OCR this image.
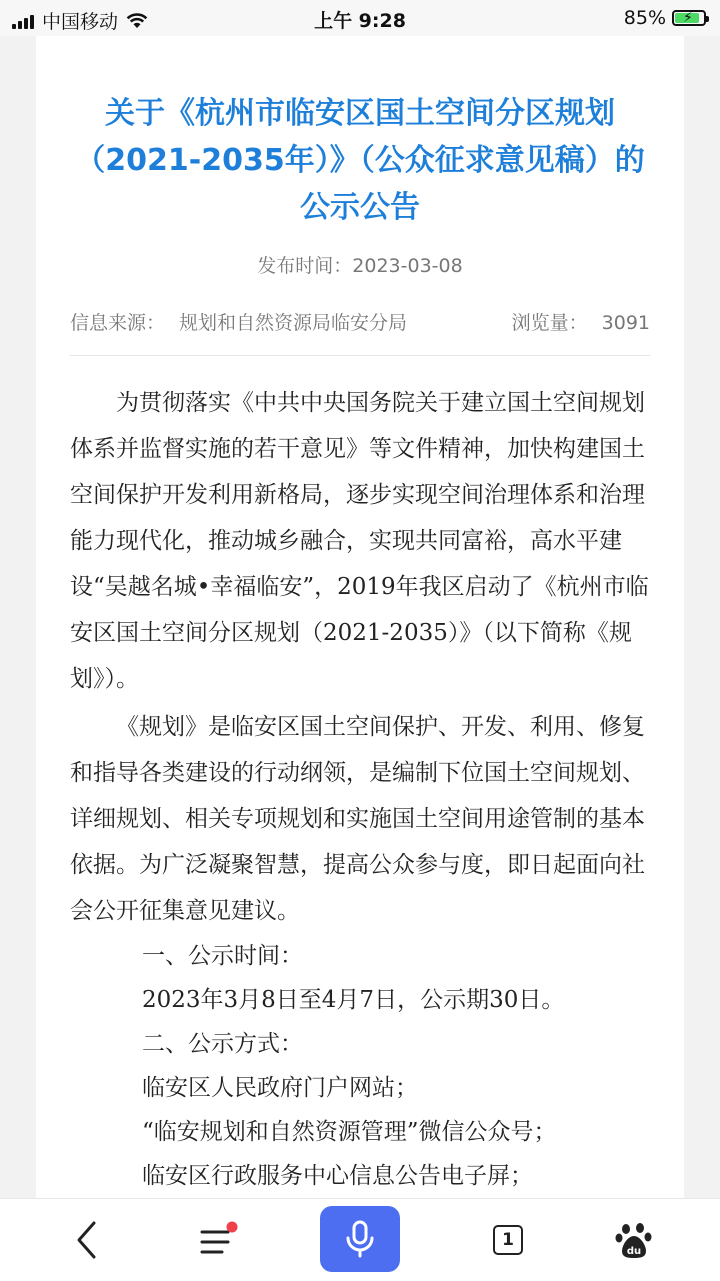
中国移动	上午 9:28	85% ⚡
关于《杭州市临安区国土空间分区规划（2021-2035年）》（公众征求意见稿）的公示公告
发布时间：2023-03-08
信息来源： 规划和自然资源局临安分局	浏览量： 3091

为贯彻落实《中共中央国务院关于建立国土空间规划体系并监督实施的若干意见》等文件精神，加快构建国土空间保护开发利用新格局，逐步实现空间治理体系和治理能力现代化，推动城乡融合，实现共同富裕，高水平建设“吴越名城•幸福临安”，2019年我区启动了《杭州市临安区国土空间分区规划（2021-2035）》（以下简称《规划》）。

《规划》是临安区国土空间保护、开发、利用、修复和指导各类建设的行动纲领，是编制下位国土空间规划、详细规划、相关专项规划和实施国土空间用途管制的基本依据。为广泛凝聚智慧，提高公众参与度，即日起面向社会公开征集意见建议。

一、公示时间：

2023年3月8日至4月7日，公示期30日。

二、公示方式：

临安区人民政府门户网站；

“临安规划和自然资源管理”微信公众号；

临安区行政服务中心信息公告电子屏；

1
du
